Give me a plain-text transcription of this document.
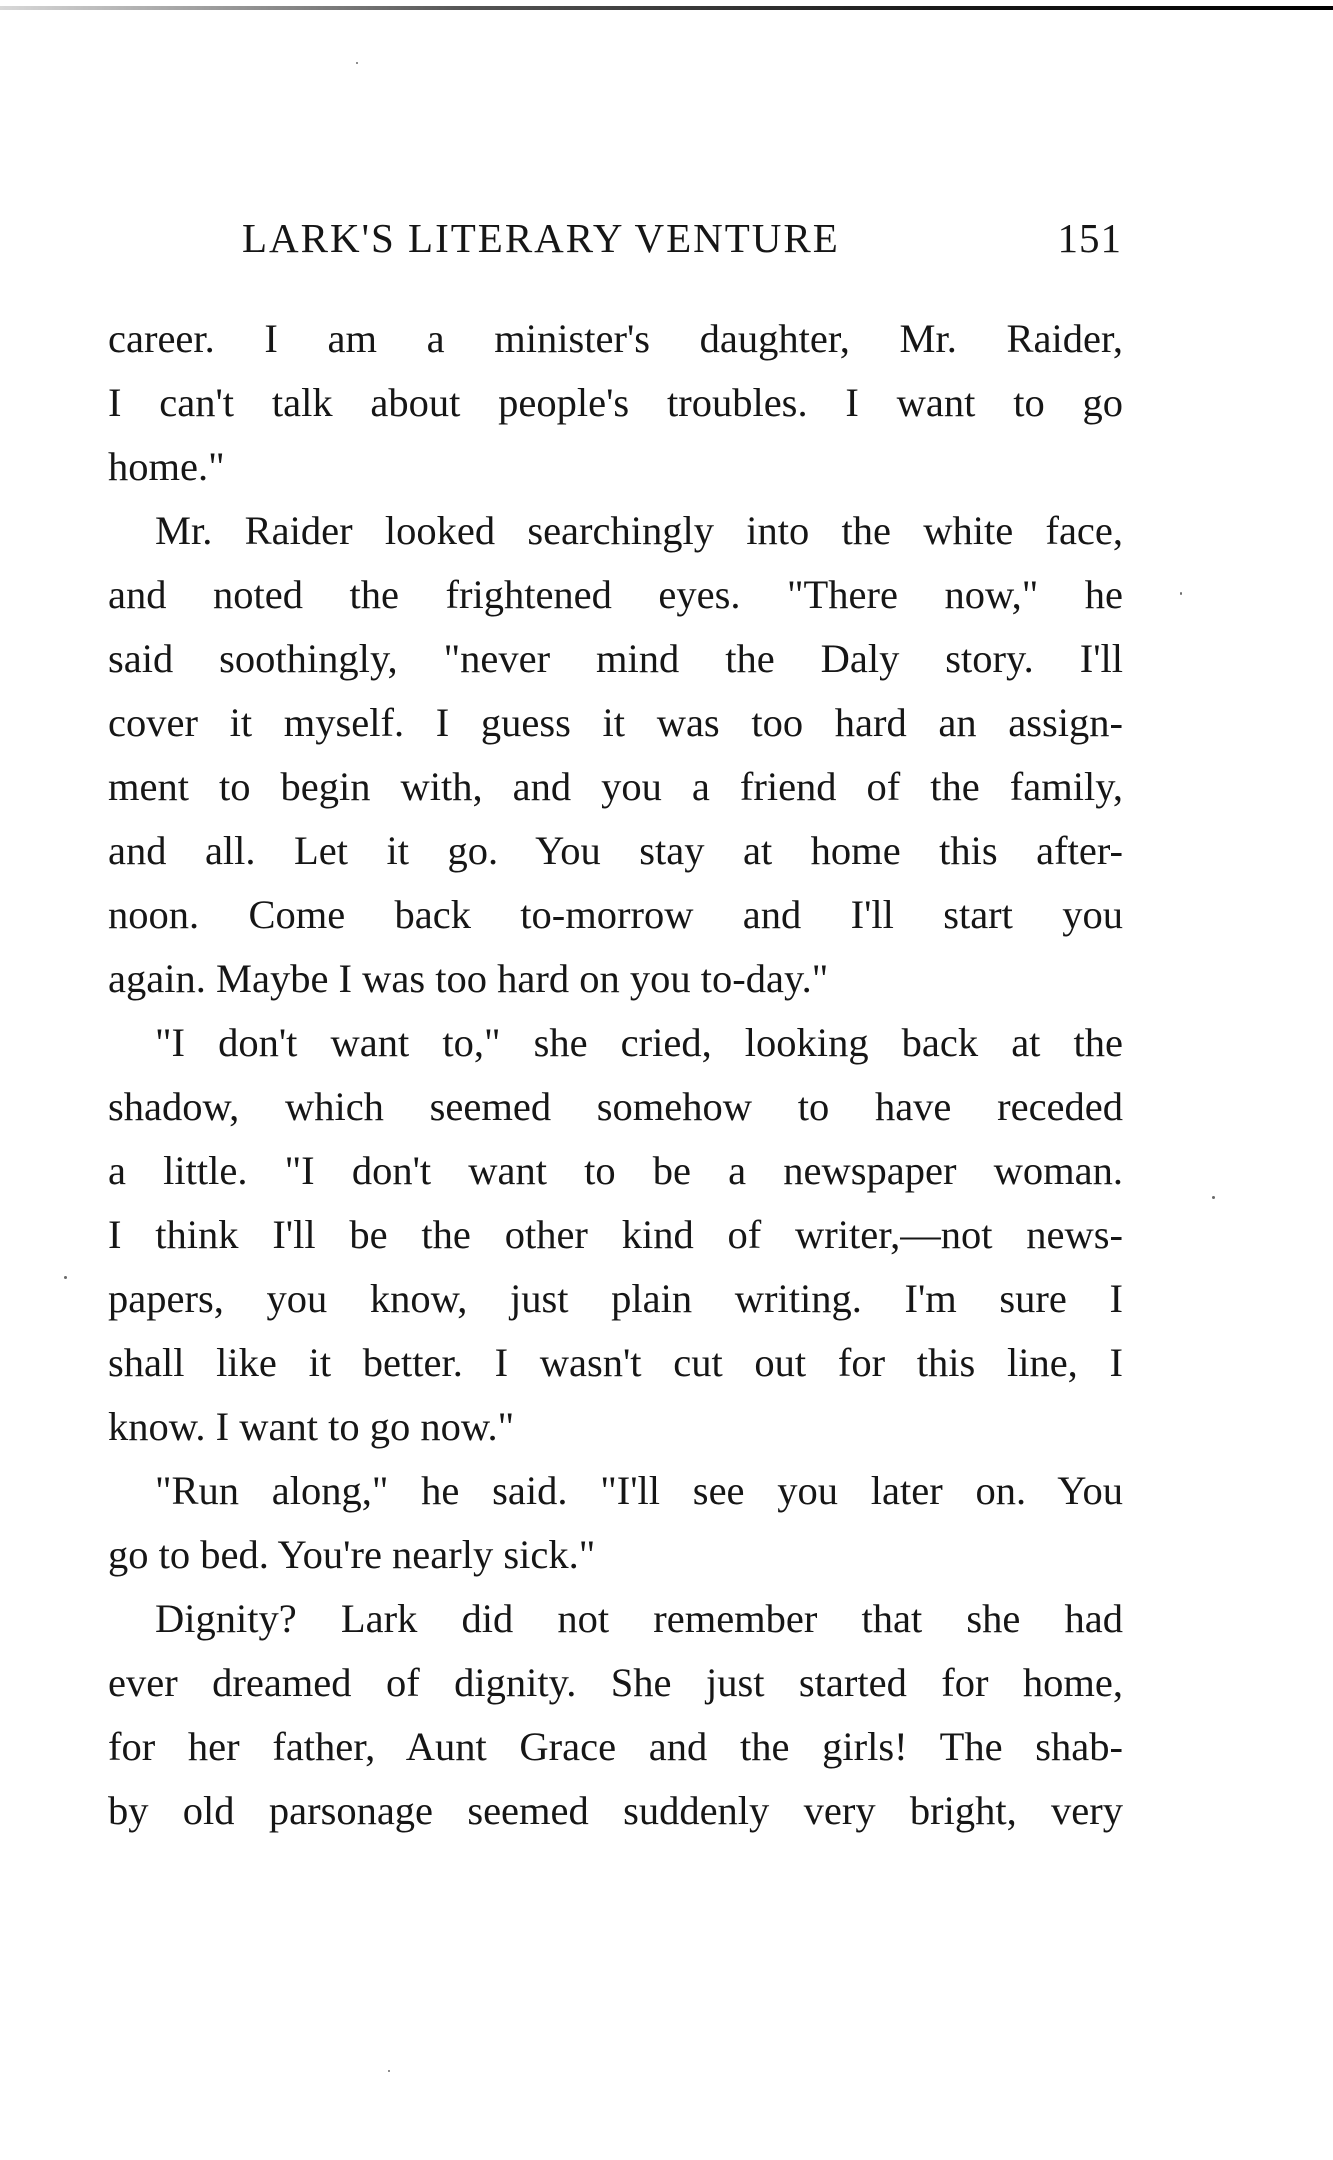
LARK'S LITERARY VENTURE	151
career. I am a minister's daughter, Mr. Raider,
I can't talk about people's troubles. I want to go
home."
Mr. Raider looked searchingly into the white face,
and noted the frightened eyes. "There now," he
said soothingly, "never mind the Daly story. I'll
cover it myself. I guess it was too hard an assign-
ment to begin with, and you a friend of the family,
and all. Let it go. You stay at home this after-
noon. Come back to-morrow and I'll start you
again. Maybe I was too hard on you to-day."
"I don't want to," she cried, looking back at the
shadow, which seemed somehow to have receded
a little. "I don't want to be a newspaper woman.
I think I'll be the other kind of writer,—not news-
papers, you know, just plain writing. I'm sure I
shall like it better. I wasn't cut out for this line, I
know. I want to go now."
"Run along," he said. "I'll see you later on. You
go to bed. You're nearly sick."
Dignity? Lark did not remember that she had
ever dreamed of dignity. She just started for home,
for her father, Aunt Grace and the girls! The shab-
by old parsonage seemed suddenly very bright, very
